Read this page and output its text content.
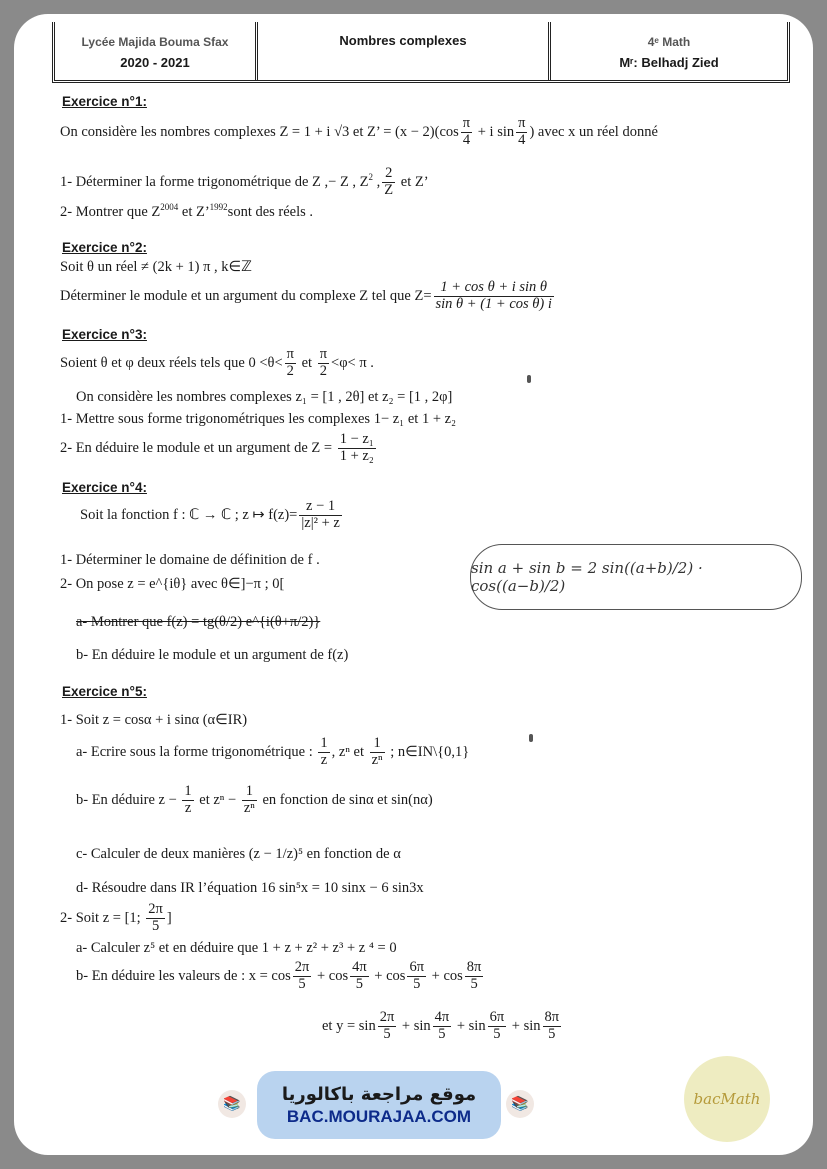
Lycée Majida Bouma Sfax
2020 - 2021
Nombres complexes	4ᵉ Math
Mʳ: Belhadj Zied
Exercice n°1:
On considère les nombres complexes Z = 1 + i √3 et Z’ = $(x - 2)(\cos \frac{\pi}{4} + i$ $\sin \frac{\pi}{4}$ ) avec x un réel donné
1- Déterminer la forme trigonométrique de Z ,− Z , $Z^2$ , $\frac{2}{Z}$ et Z’
2- Montrer que $Z^{2004}$ et Z’$^{1992}$sont des réels .
Exercice n°2:
Soit θ un réel ≠ (2k + 1) π , k∈ℤ
Déterminer le module et un argument du complexe Z tel que $Z= \frac{\text{1 + cos θ + i sin θ}}{\text{sin θ + (1 + cos θ) i}}$
Exercice n°3:
Soient θ et φ deux réels tels que $0 <\theta< \frac{\pi}{2}$ et $\frac{\pi}{2} <\varphi< \pi$ .
On considère les nombres complexes z₁ = [1 , 2θ] et z₂ = [1 , 2φ]
1- Mettre sous forme trigonométriques les complexes 1− z₁ et 1 + z₂
2- En déduire le module et un argument de $Z = \frac{\text{1 − z₁}}{\text{1 + z₂}}$
Exercice n°4:
Soit la fonction f : ℂ → ℂ ; z ↦ $f(z)= \frac{z - 1}{\text{|z|² + z}}$
1- Déterminer le domaine de définition de f .
2- On pose z = e^{iθ} avec θ∈]−π ; 0[
a- Montrer que f(z) = tg(θ/2) e^{i(θ+π/2)}
b- En déduire le module et un argument de f(z)
sin a + sin b = 2 sin((a+b)/2) · cos((a−b)/2)
Exercice n°5:
1- Soit z = cosα + i sinα (α∈IR)
a- Ecrire sous la forme trigonométrique : $\frac{1}{z}$ , zⁿ et $\frac{1}{\text{zⁿ}}$ ; n∈IN\{0,1}
b- En déduire $z - \frac{1}{z}$ et $z^n - \frac{1}{\text{zⁿ}}$ en fonction de sinα et sin(nα)
c- Calculer de deux manières (z − 1/z)⁵ en fonction de α
d- Résoudre dans IR l’équation 16 sin⁵x = 10 sinx − 6 sin3x
2- Soit z = [1; $\frac{2\pi}{5}$ ]
a- Calculer z⁵ et en déduire que 1 + z + z² + z³ + z ⁴ = 0
b- En déduire les valeurs de : $x = \cos \frac{2\pi}{5} + \cos \frac{4\pi}{5} + \cos \frac{6\pi}{5} + \cos \frac{8\pi}{5}$
et $y = \sin \frac{2\pi}{5} + \sin \frac{4\pi}{5} + \sin \frac{6\pi}{5} + \sin \frac{8\pi}{5}$
📚 موقع مراجعة باكالوريا
BAC.MOURAJAA.COM
📚	bacMath
